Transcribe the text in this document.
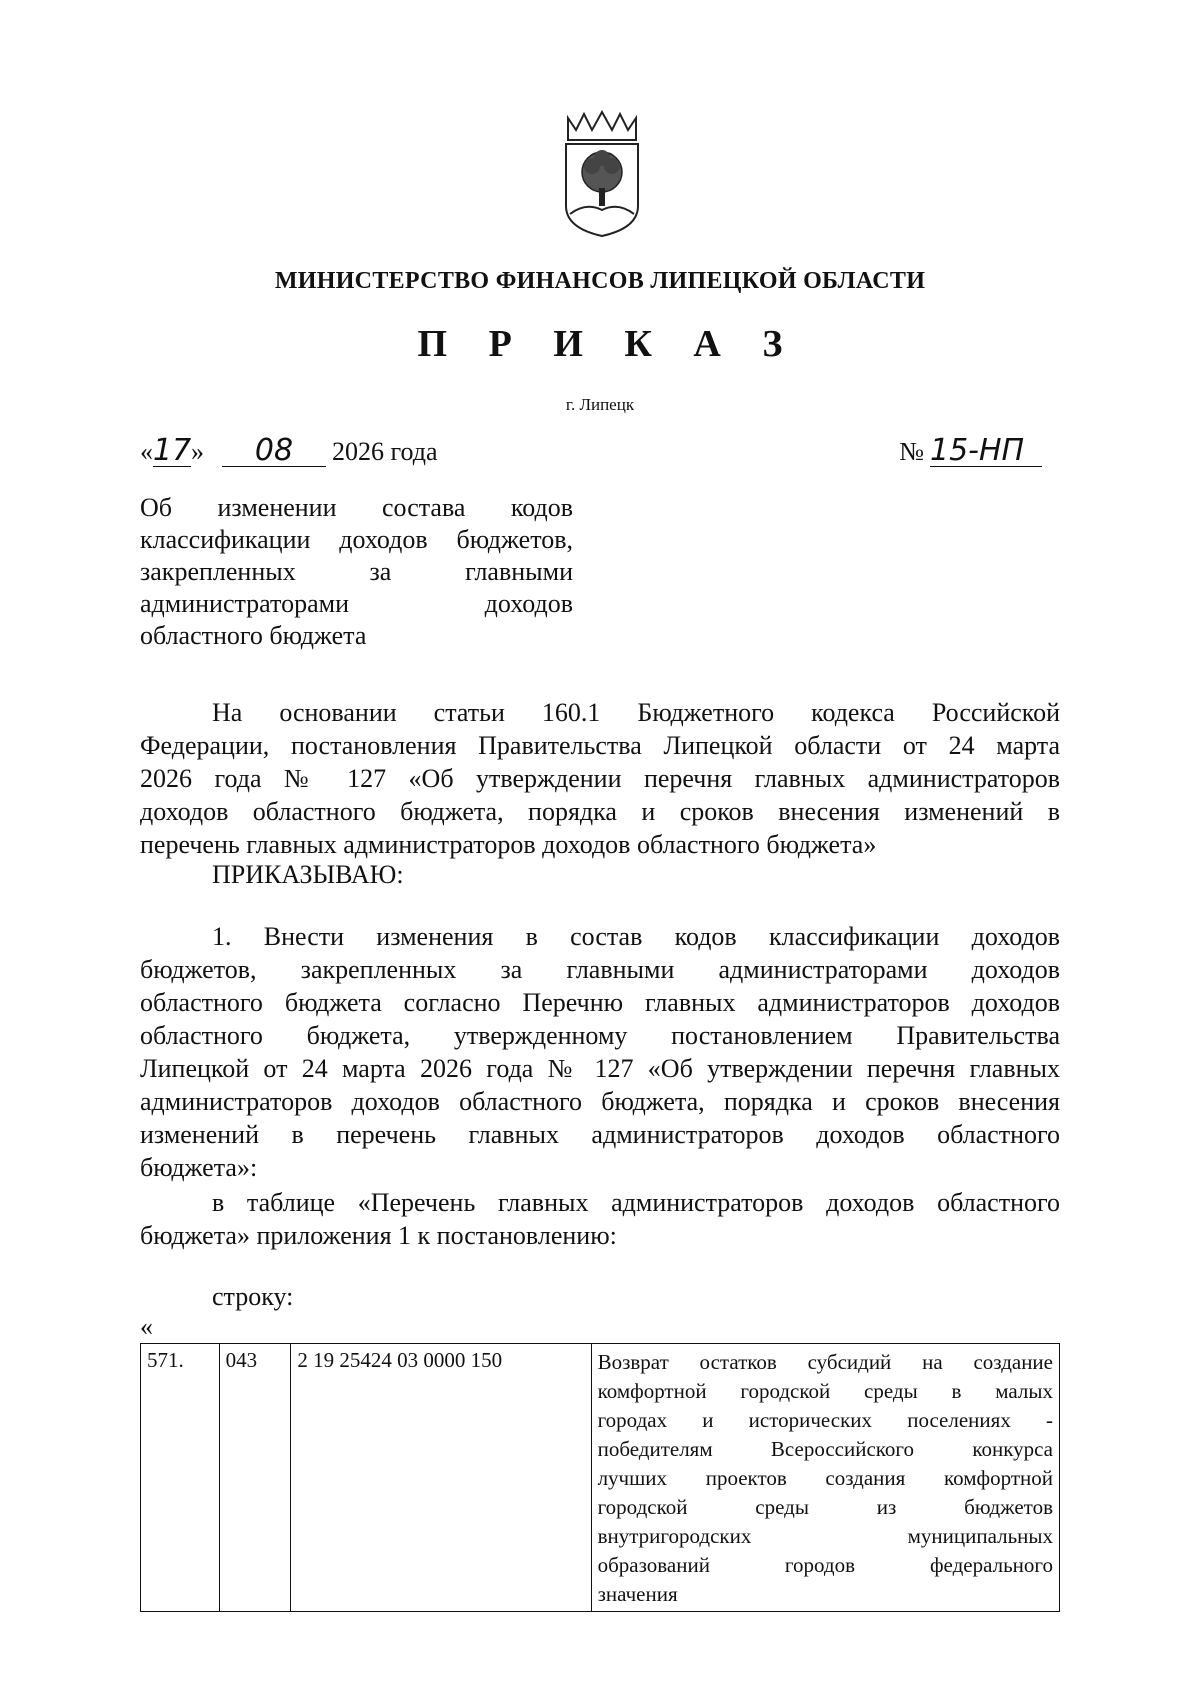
МИНИСТЕРСТВО ФИНАНСОВ ЛИПЕЦКОЙ ОБЛАСТИ
П Р И К А З
г. Липецк
«17» 08 2026 года	№ 15-НП
Об изменении состава кодов
классификации доходов бюджетов,
закрепленных за главными
администраторами доходов
областного бюджета
На основании статьи 160.1 Бюджетного кодекса Российской
Федерации, постановления Правительства Липецкой области от 24 марта
2026 года № 127 «Об утверждении перечня главных администраторов
доходов областного бюджета, порядка и сроков внесения изменений в
перечень главных администраторов доходов областного бюджета»
ПРИКАЗЫВАЮ:
1. Внести изменения в состав кодов классификации доходов
бюджетов, закрепленных за главными администраторами доходов
областного бюджета согласно Перечню главных администраторов доходов
областного бюджета, утвержденному постановлением Правительства
Липецкой от 24 марта 2026 года № 127 «Об утверждении перечня главных
администраторов доходов областного бюджета, порядка и сроков внесения
изменений в перечень главных администраторов доходов областного
бюджета»:
в таблице «Перечень главных администраторов доходов областного
бюджета» приложения 1 к постановлению:
строку:
«
571.	043	2 19 25424 03 0000 150	Возврат остатков субсидий на создание
комфортной городской среды в малых
городах и исторических поселениях -
победителям Всероссийского конкурса
лучших проектов создания комфортной
городской среды из бюджетов
внутригородских муниципальных
образований городов федерального
значения
